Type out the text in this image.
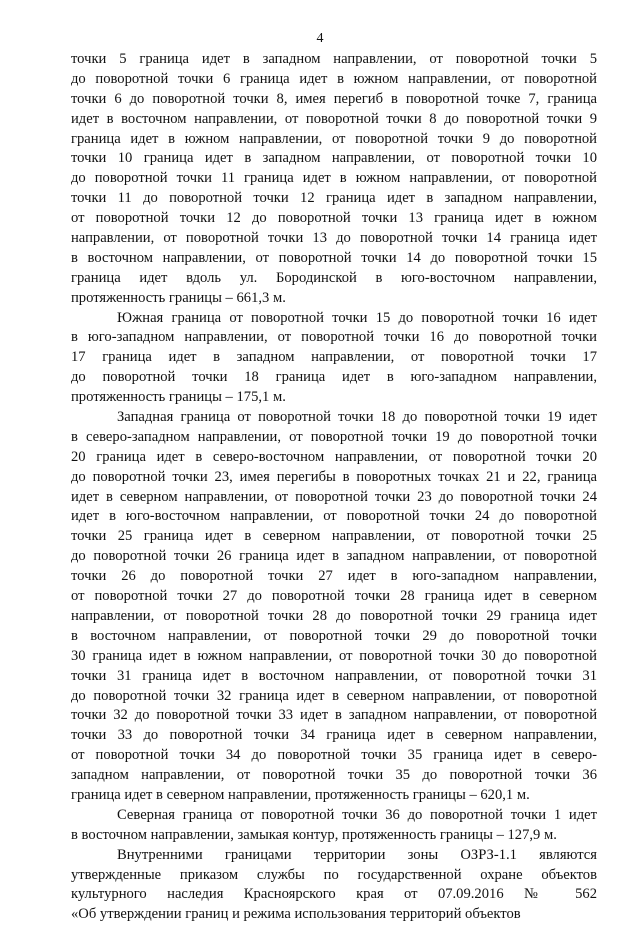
4
точки 5 граница идет в западном направлении, от поворотной точки 5
до поворотной точки 6 граница идет в южном направлении, от поворотной
точки 6 до поворотной точки 8, имея перегиб в поворотной точке 7, граница
идет в восточном направлении, от поворотной точки 8 до поворотной точки 9
граница идет в южном направлении, от поворотной точки 9 до поворотной
точки 10 граница идет в западном направлении, от поворотной точки 10
до поворотной точки 11 граница идет в южном направлении, от поворотной
точки 11 до поворотной точки 12 граница идет в западном направлении,
от поворотной точки 12 до поворотной точки 13 граница идет в южном
направлении, от поворотной точки 13 до поворотной точки 14 граница идет
в восточном направлении, от поворотной точки 14 до поворотной точки 15
граница идет вдоль ул. Бородинской в юго-восточном направлении,
протяженность границы – 661,3 м.
Южная граница от поворотной точки 15 до поворотной точки 16 идет
в юго-западном направлении, от поворотной точки 16 до поворотной точки
17 граница идет в западном направлении, от поворотной точки 17
до поворотной точки 18 граница идет в юго-западном направлении,
протяженность границы – 175,1 м.
Западная граница от поворотной точки 18 до поворотной точки 19 идет
в северо-западном направлении, от поворотной точки 19 до поворотной точки
20 граница идет в северо-восточном направлении, от поворотной точки 20
до поворотной точки 23, имея перегибы в поворотных точках 21 и 22, граница
идет в северном направлении, от поворотной точки 23 до поворотной точки 24
идет в юго-восточном направлении, от поворотной точки 24 до поворотной
точки 25 граница идет в северном направлении, от поворотной точки 25
до поворотной точки 26 граница идет в западном направлении, от поворотной
точки 26 до поворотной точки 27 идет в юго-западном направлении,
от поворотной точки 27 до поворотной точки 28 граница идет в северном
направлении, от поворотной точки 28 до поворотной точки 29 граница идет
в восточном направлении, от поворотной точки 29 до поворотной точки
30 граница идет в южном направлении, от поворотной точки 30 до поворотной
точки 31 граница идет в восточном направлении, от поворотной точки 31
до поворотной точки 32 граница идет в северном направлении, от поворотной
точки 32 до поворотной точки 33 идет в западном направлении, от поворотной
точки 33 до поворотной точки 34 граница идет в северном направлении,
от поворотной точки 34 до поворотной точки 35 граница идет в северо-
западном направлении, от поворотной точки 35 до поворотной точки 36
граница идет в северном направлении, протяженность границы – 620,1 м.
Северная граница от поворотной точки 36 до поворотной точки 1 идет
в восточном направлении, замыкая контур, протяженность границы – 127,9 м.
Внутренними границами территории зоны ОЗРЗ-1.1 являются
утвержденные приказом службы по государственной охране объектов
культурного наследия Красноярского края от 07.09.2016 № 562
«Об утверждении границ и режима использования территорий объектов
